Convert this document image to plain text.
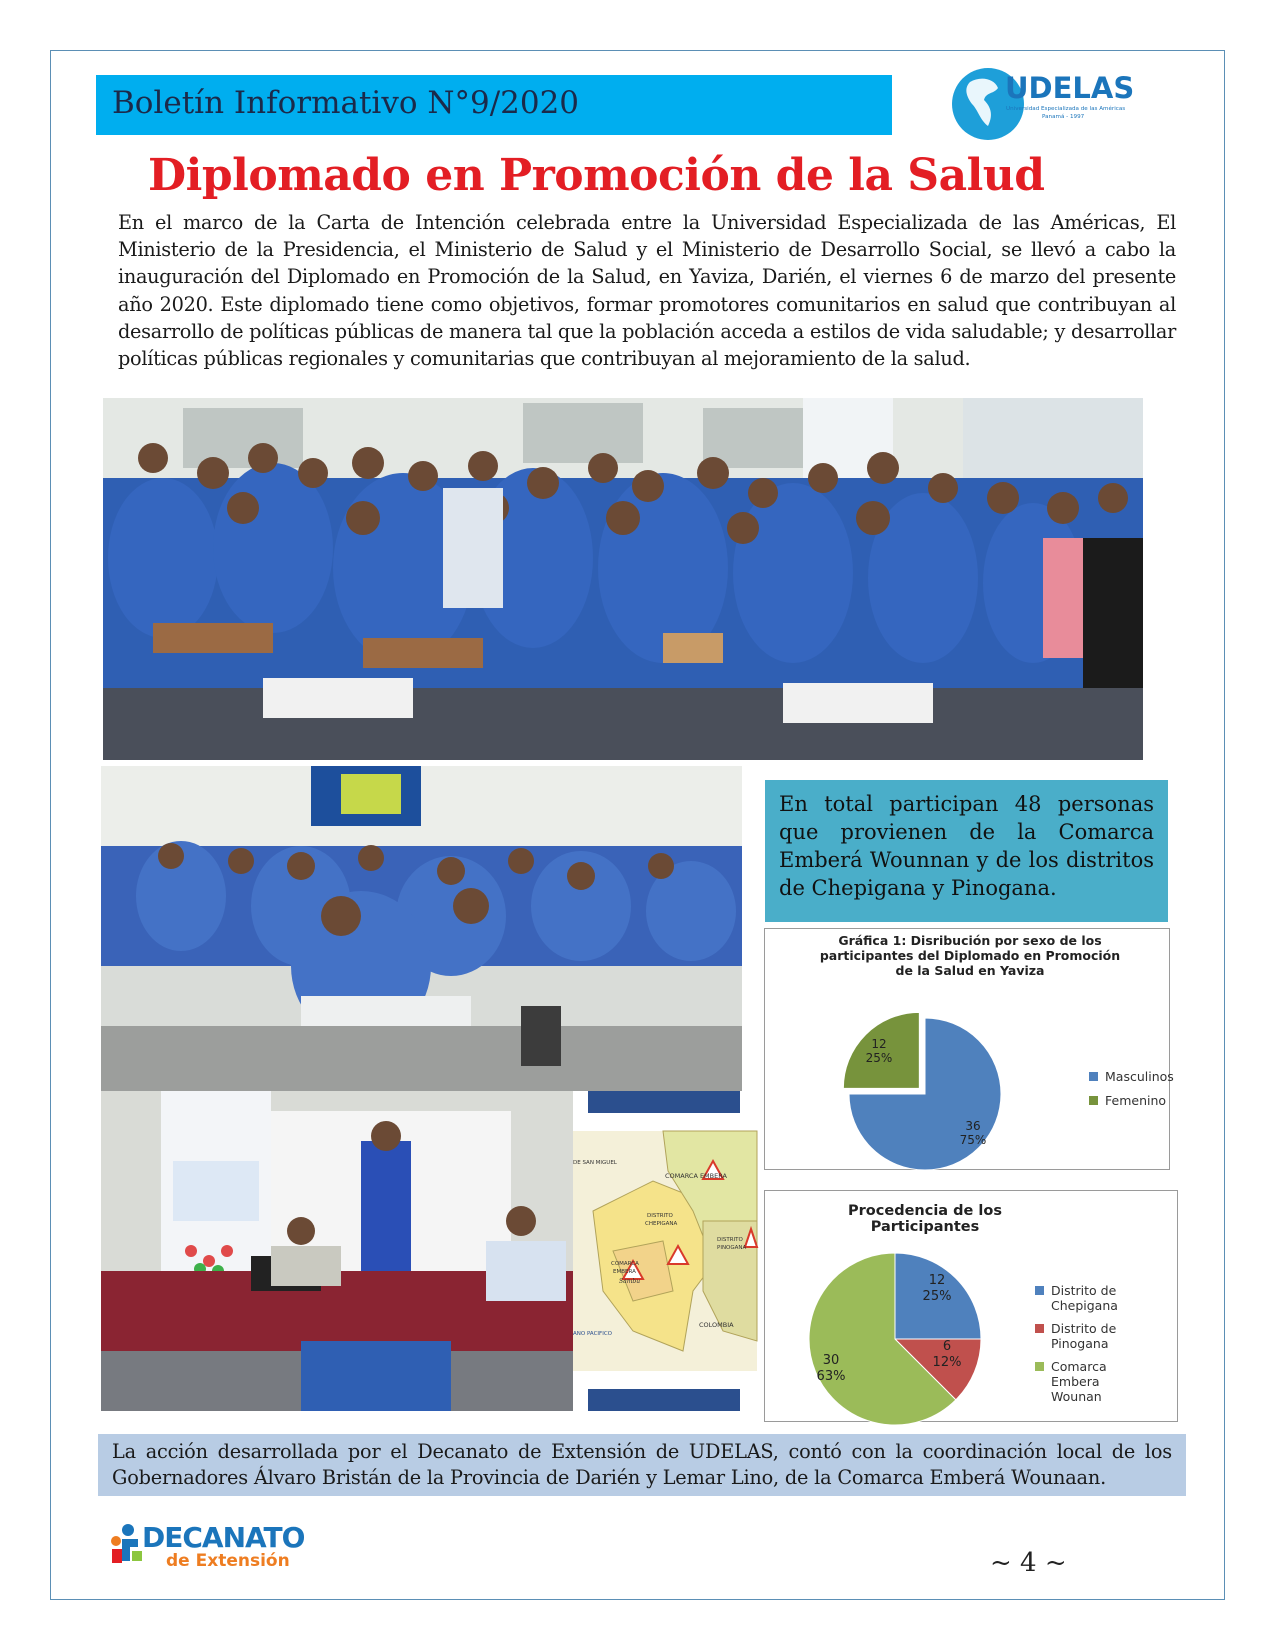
Boletín Informativo N°9/2020	UDELAS
Universidad Especializada de las Américas
Panamá - 1997
Diplomado en Promoción de la Salud
En el marco de la Carta de Intención celebrada entre la Universidad Especializada de las Américas, El Ministerio de la Presidencia, el Ministerio de Salud y el Ministerio de Desarrollo Social, se llevó a cabo la inauguración del Diplomado en Promoción de la Salud, en Yaviza, Darién, el viernes 6 de marzo del presente año 2020. Este diplomado tiene como objetivos, formar promotores comunitarios en salud que contribuyan al desarrollo de políticas públicas de manera tal que la población acceda a estilos de vida saludable; y desarrollar políticas públicas regionales y comunitarias que contribuyan al mejoramiento de la salud.
COMARCA EMBERA
DISTRITO
CHEPIGANA
DISTRITO
PINOGANA
COMARCA
EMBERA
Sambu
COLOMBIA
DE SAN MIGUEL
ANO PACIFICO
En total participan 48 personas que provienen de la Comarca Emberá Wounnan y de los distritos de Chepigana y Pinogana.
Gráfica 1: Disribución por sexo de los participantes del Diplomado en Promoción de la Salud en Yaviza
36
75%
12
25%
Masculinos
Femenino
Procedencia de los Participantes
12
25%
6
12%
30
63%
Distrito de Chepigana
Distrito de Pinogana
Comarca Embera Wounan
La acción desarrollada por el Decanato de Extensión de UDELAS, contó con la coordinación local de los Gobernadores Álvaro Bristán de la Provincia de Darién y Lemar Lino, de la Comarca Emberá Wounaan.
DECANATO
de Extensión	~ 4 ~
